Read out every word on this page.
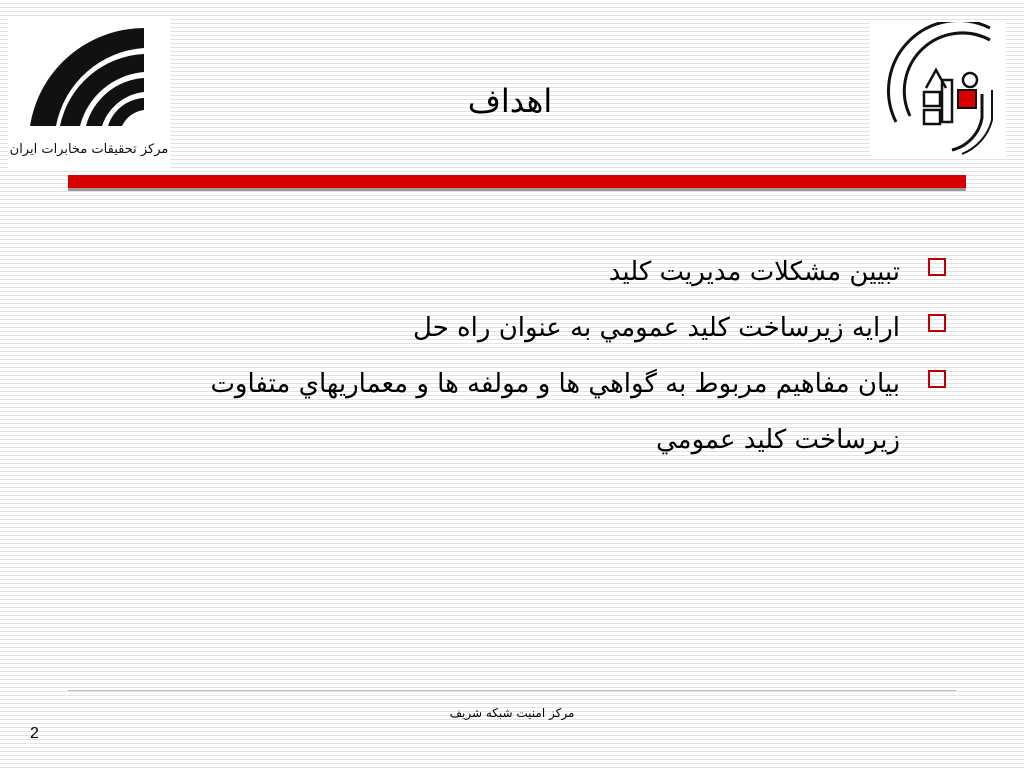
مرکز تحقيقات مخابرات ايران
اهداف
تبيين مشکلات مديريت کليد
ارايه زيرساخت کليد عمومي به عنوان راه حل
بيان مفاهيم مربوط به گواهي ها و مولفه ها و معماريهاي متفاوت زيرساخت کليد عمومي
مرکز امنيت شبکه شريف
2
